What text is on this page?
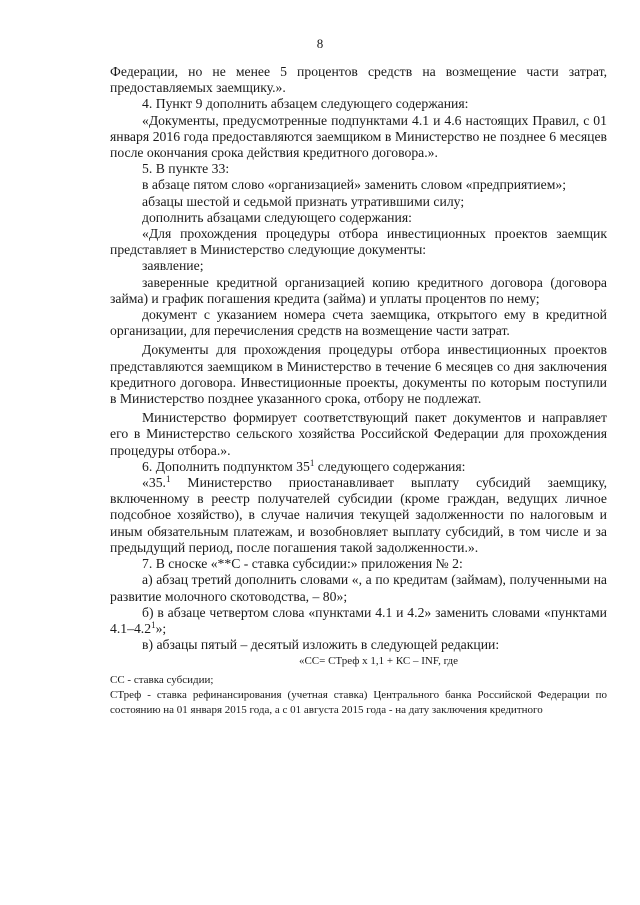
8

Федерации, но не менее 5 процентов средств на возмещение части затрат, предоставляемых заемщику.».

4. Пункт 9 дополнить абзацем следующего содержания:

«Документы, предусмотренные подпунктами 4.1 и 4.6 настоящих Правил, с 01 января 2016 года предоставляются заемщиком в Министерство не позднее 6 месяцев после окончания срока действия кредитного договора.».

5. В пункте 33:

в абзаце пятом слово «организацией» заменить словом «предприятием»;

абзацы шестой и седьмой признать утратившими силу;

дополнить абзацами следующего содержания:

«Для прохождения процедуры отбора инвестиционных проектов заемщик представляет в Министерство следующие документы:

заявление;

заверенные кредитной организацией копию кредитного договора (договора займа) и график погашения кредита (займа) и уплаты процентов по нему;

документ с указанием номера счета заемщика, открытого ему в кредитной организации, для перечисления средств на возмещение части затрат.

Документы для прохождения процедуры отбора инвестиционных проектов представляются заемщиком в Министерство в течение 6 месяцев со дня заключения кредитного договора. Инвестиционные проекты, документы по которым поступили в Министерство позднее указанного срока, отбору не подлежат.

Министерство формирует соответствующий пакет документов и направляет его в Министерство сельского хозяйства Российской Федерации для прохождения процедуры отбора.».

6. Дополнить подпунктом $35^1$ следующего содержания:

«35.$^1$ Министерство приостанавливает выплату субсидий заемщику, включенному в реестр получателей субсидии (кроме граждан, ведущих личное подсобное хозяйство), в случае наличия текущей задолженности по налоговым и иным обязательным платежам, и возобновляет выплату субсидий, в том числе и за предыдущий период, после погашения такой задолженности.».

7. В сноске «**С - ставка субсидии:» приложения № 2:

а) абзац третий дополнить словами «, а по кредитам (займам), полученными на развитие молочного скотоводства, – 80»;

б) в абзаце четвертом слова «пунктами 4.1 и 4.2» заменить словами «пунктами $4.1-4.2^1$»;

в) абзацы пятый – десятый изложить в следующей редакции:

«СС= СТреф х 1,1 + КС – INF, где

СС - ставка субсидии;

СТреф - ставка рефинансирования (учетная ставка) Центрального банка Российской Федерации по состоянию на 01 января 2015 года, а с 01 августа 2015 года - на дату заключения кредитного
